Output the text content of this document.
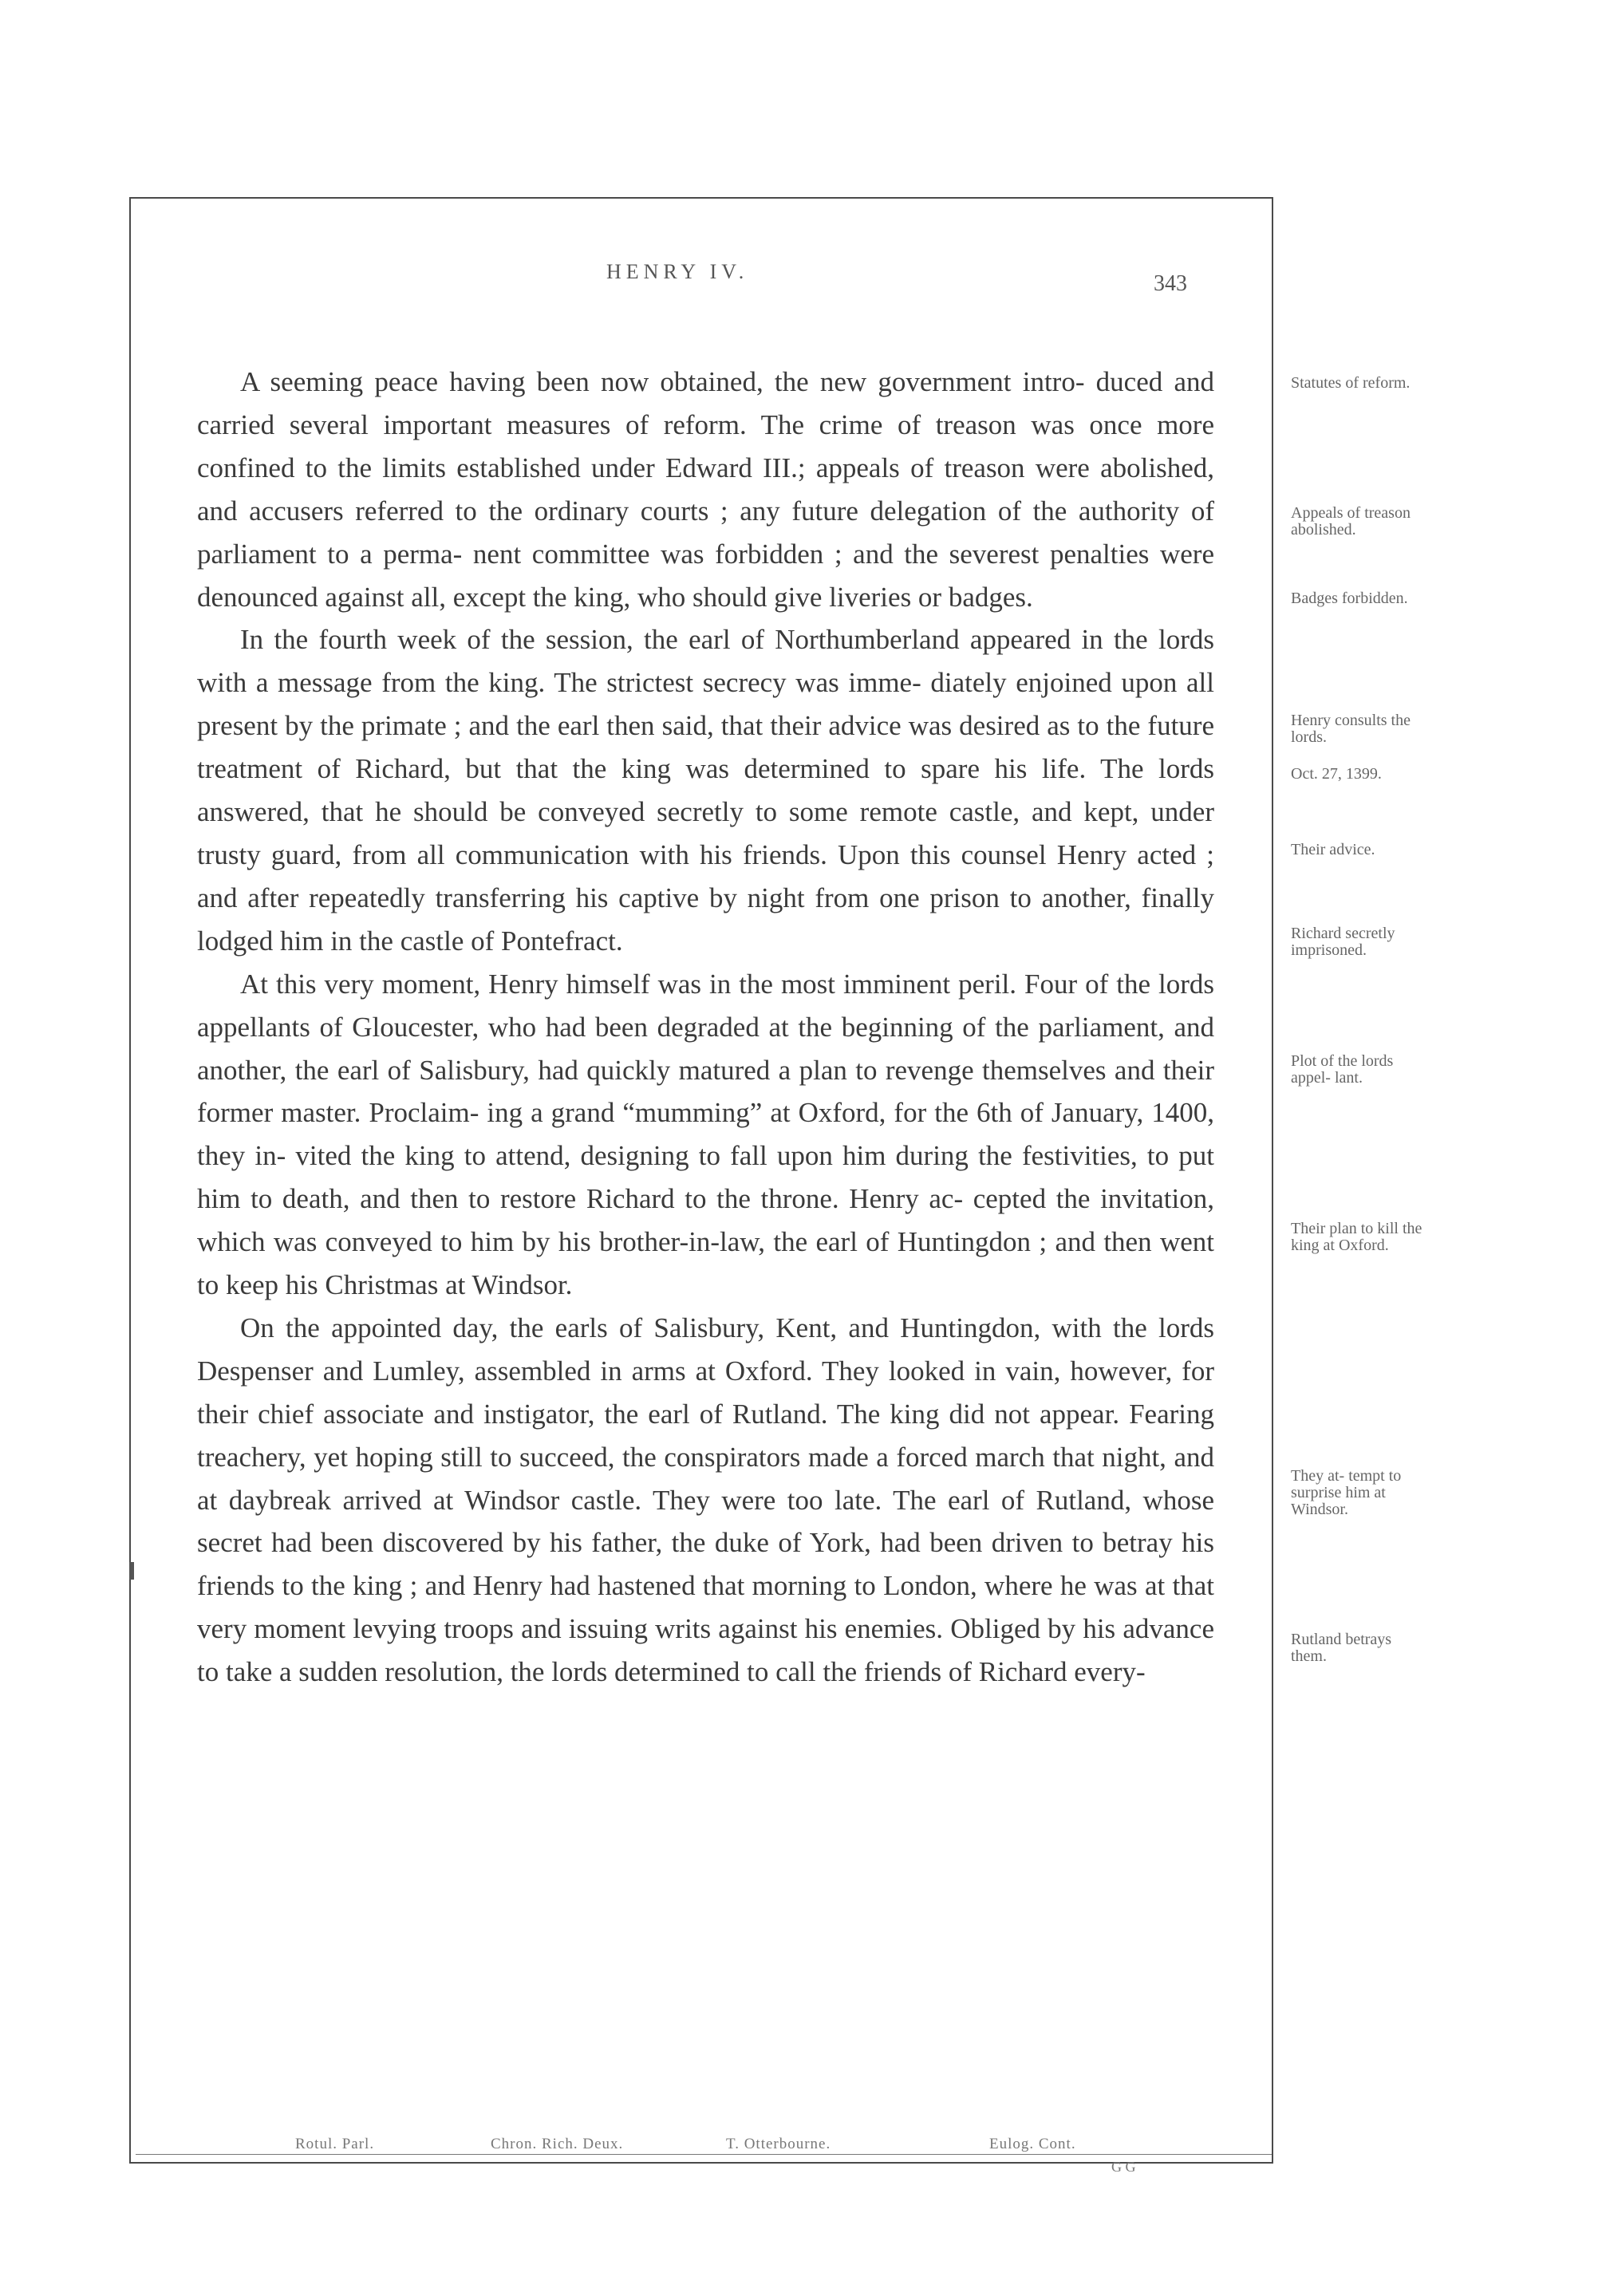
HENRY IV.	343

A seeming peace having been now obtained, the new government intro- duced and carried several important measures of reform. The crime of treason was once more confined to the limits established under Edward III.; appeals of treason were abolished, and accusers referred to the ordinary courts ; any future delegation of the authority of parliament to a perma- nent committee was forbidden ; and the severest penalties were denounced against all, except the king, who should give liveries or badges.

In the fourth week of the session, the earl of Northumberland appeared in the lords with a message from the king. The strictest secrecy was imme- diately enjoined upon all present by the primate ; and the earl then said, that their advice was desired as to the future treatment of Richard, but that the king was determined to spare his life. The lords answered, that he should be conveyed secretly to some remote castle, and kept, under trusty guard, from all communication with his friends. Upon this counsel Henry acted ; and after repeatedly transferring his captive by night from one prison to another, finally lodged him in the castle of Pontefract.

At this very moment, Henry himself was in the most imminent peril. Four of the lords appellants of Gloucester, who had been degraded at the beginning of the parliament, and another, the earl of Salisbury, had quickly matured a plan to revenge themselves and their former master. Proclaim- ing a grand “mumming” at Oxford, for the 6th of January, 1400, they in- vited the king to attend, designing to fall upon him during the festivities, to put him to death, and then to restore Richard to the throne. Henry ac- cepted the invitation, which was conveyed to him by his brother-in-law, the earl of Huntingdon ; and then went to keep his Christmas at Windsor.

On the appointed day, the earls of Salisbury, Kent, and Huntingdon, with the lords Despenser and Lumley, assembled in arms at Oxford. They looked in vain, however, for their chief associate and instigator, the earl of Rutland. The king did not appear. Fearing treachery, yet hoping still to succeed, the conspirators made a forced march that night, and at daybreak arrived at Windsor castle. They were too late. The earl of Rutland, whose secret had been discovered by his father, the duke of York, had been driven to betray his friends to the king ; and Henry had hastened that morning to London, where he was at that very moment levying troops and issuing writs against his enemies. Obliged by his advance to take a sudden resolution, the lords determined to call the friends of Richard every-

Statutes of reform.
Appeals of treason abolished.
Badges forbidden.
Henry consults the lords.
Oct. 27, 1399.
Their advice.
Richard secretly imprisoned.
Plot of the lords appel- lant.
Their plan to kill the king at Oxford.
They at- tempt to surprise him at Windsor.
Rutland betrays them.
Rotul. Parl.	Chron. Rich. Deux.	T. Otterbourne.	Eulog. Cont.
G G
